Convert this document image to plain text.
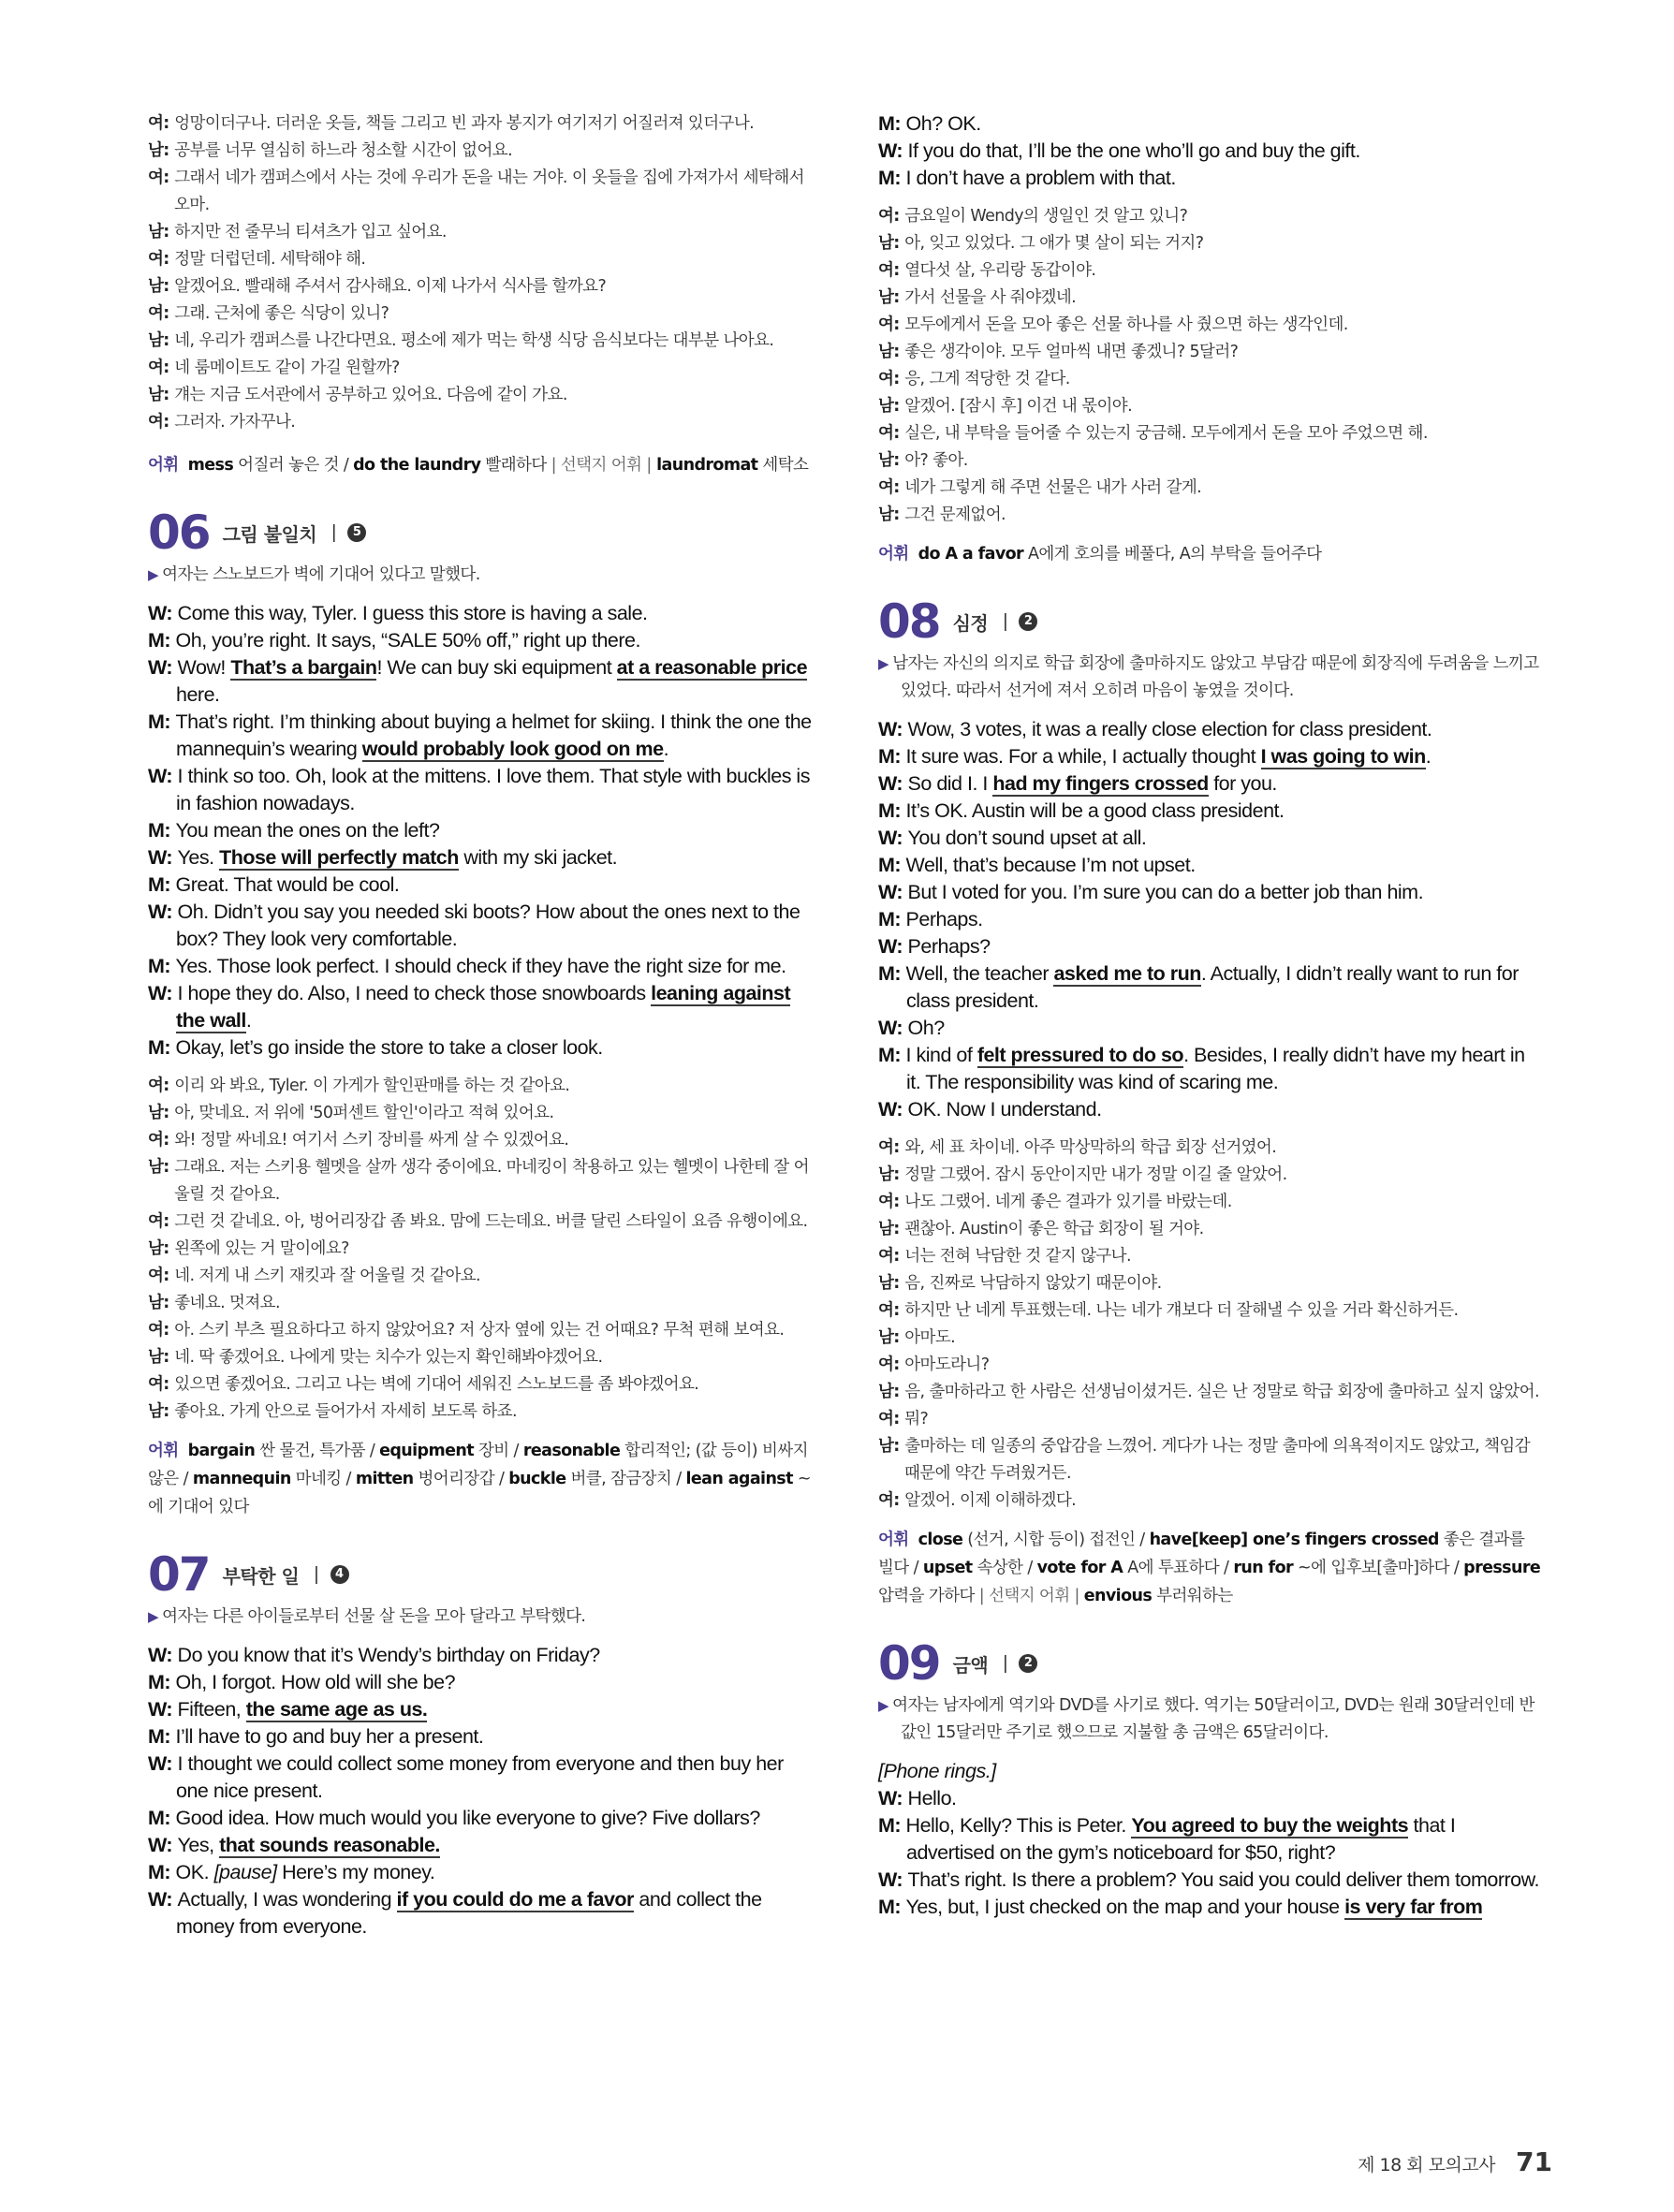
여: 엉망이더구나. 더러운 옷들, 책들 그리고 빈 과자 봉지가 여기저기 어질러져 있더구나.
남: 공부를 너무 열심히 하느라 청소할 시간이 없어요.
여: 그래서 네가 캠퍼스에서 사는 것에 우리가 돈을 내는 거야. 이 옷들을 집에 가져가서 세탁해서 오마.
남: 하지만 전 줄무늬 티셔츠가 입고 싶어요.
여: 정말 더럽던데. 세탁해야 해.
남: 알겠어요. 빨래해 주셔서 감사해요. 이제 나가서 식사를 할까요?
여: 그래. 근처에 좋은 식당이 있니?
남: 네, 우리가 캠퍼스를 나간다면요. 평소에 제가 먹는 학생 식당 음식보다는 대부분 나아요.
여: 네 룸메이트도 같이 가길 원할까?
남: 걔는 지금 도서관에서 공부하고 있어요. 다음에 같이 가요.
여: 그러자. 가자꾸나.
어휘 mess 어질러 놓은 것 / do the laundry 빨래하다 | 선택지 어휘 | laundromat 세탁소
06 그림 불일치 |	5
▶ 여자는 스노보드가 벽에 기대어 있다고 말했다.
W: Come this way, Tyler. I guess this store is having a sale.
M: Oh, you’re right. It says, “SALE 50% off,” right up there.
W: Wow! That’s a bargain! We can buy ski equipment at a reasonable price here.
M: That’s right. I’m thinking about buying a helmet for skiing. I think the one the mannequin’s wearing would probably look good on me.
W: I think so too. Oh, look at the mittens. I love them. That style with buckles is in fashion nowadays.
M: You mean the ones on the left?
W: Yes. Those will perfectly match with my ski jacket.
M: Great. That would be cool.
W: Oh. Didn’t you say you needed ski boots? How about the ones next to the box? They look very comfortable.
M: Yes. Those look perfect. I should check if they have the right size for me.
W: I hope they do. Also, I need to check those snowboards leaning against the wall.
M: Okay, let’s go inside the store to take a closer look.
여: 이리 와 봐요, Tyler. 이 가게가 할인판매를 하는 것 같아요.
남: 아, 맞네요. 저 위에 '50퍼센트 할인'이라고 적혀 있어요.
여: 와! 정말 싸네요! 여기서 스키 장비를 싸게 살 수 있겠어요.
남: 그래요. 저는 스키용 헬멧을 살까 생각 중이에요. 마네킹이 착용하고 있는 헬멧이 나한테 잘 어울릴 것 같아요.
여: 그런 것 같네요. 아, 벙어리장갑 좀 봐요. 맘에 드는데요. 버클 달린 스타일이 요즘 유행이에요.
남: 왼쪽에 있는 거 말이에요?
여: 네. 저게 내 스키 재킷과 잘 어울릴 것 같아요.
남: 좋네요. 멋져요.
여: 아. 스키 부츠 필요하다고 하지 않았어요? 저 상자 옆에 있는 건 어때요? 무척 편해 보여요.
남: 네. 딱 좋겠어요. 나에게 맞는 치수가 있는지 확인해봐야겠어요.
여: 있으면 좋겠어요. 그리고 나는 벽에 기대어 세워진 스노보드를 좀 봐야겠어요.
남: 좋아요. 가게 안으로 들어가서 자세히 보도록 하죠.
어휘 bargain 싼 물건, 특가품 / equipment 장비 / reasonable 합리적인; (값 등이) 비싸지 않은 / mannequin 마네킹 / mitten 벙어리장갑 / buckle 버클, 잠금장치 / lean against ~에 기대어 있다
07 부탁한 일 |	4
▶ 여자는 다른 아이들로부터 선물 살 돈을 모아 달라고 부탁했다.
W: Do you know that it’s Wendy’s birthday on Friday?
M: Oh, I forgot. How old will she be?
W: Fifteen, the same age as us.
M: I’ll have to go and buy her a present.
W: I thought we could collect some money from everyone and then buy her one nice present.
M: Good idea. How much would you like everyone to give? Five dollars?
W: Yes, that sounds reasonable.
M: OK. [pause] Here’s my money.
W: Actually, I was wondering if you could do me a favor and collect the money from everyone.
M: Oh? OK.
W: If you do that, I’ll be the one who’ll go and buy the gift.
M: I don’t have a problem with that.
여: 금요일이 Wendy의 생일인 것 알고 있니?
남: 아, 잊고 있었다. 그 애가 몇 살이 되는 거지?
여: 열다섯 살, 우리랑 동갑이야.
남: 가서 선물을 사 줘야겠네.
여: 모두에게서 돈을 모아 좋은 선물 하나를 사 줬으면 하는 생각인데.
남: 좋은 생각이야. 모두 얼마씩 내면 좋겠니? 5달러?
여: 응, 그게 적당한 것 같다.
남: 알겠어. [잠시 후] 이건 내 몫이야.
여: 실은, 내 부탁을 들어줄 수 있는지 궁금해. 모두에게서 돈을 모아 주었으면 해.
남: 아? 좋아.
여: 네가 그렇게 해 주면 선물은 내가 사러 갈게.
남: 그건 문제없어.
어휘 do A a favor A에게 호의를 베풀다, A의 부탁을 들어주다
08 심정 |	2
▶ 남자는 자신의 의지로 학급 회장에 출마하지도 않았고 부담감 때문에 회장직에 두려움을 느끼고 있었다. 따라서 선거에 져서 오히려 마음이 놓였을 것이다.
W: Wow, 3 votes, it was a really close election for class president.
M: It sure was. For a while, I actually thought I was going to win.
W: So did I. I had my fingers crossed for you.
M: It’s OK. Austin will be a good class president.
W: You don’t sound upset at all.
M: Well, that’s because I’m not upset.
W: But I voted for you. I’m sure you can do a better job than him.
M: Perhaps.
W: Perhaps?
M: Well, the teacher asked me to run. Actually, I didn’t really want to run for class president.
W: Oh?
M: I kind of felt pressured to do so. Besides, I really didn’t have my heart in it. The responsibility was kind of scaring me.
W: OK. Now I understand.
여: 와, 세 표 차이네. 아주 막상막하의 학급 회장 선거였어.
남: 정말 그랬어. 잠시 동안이지만 내가 정말 이길 줄 알았어.
여: 나도 그랬어. 네게 좋은 결과가 있기를 바랐는데.
남: 괜찮아. Austin이 좋은 학급 회장이 될 거야.
여: 너는 전혀 낙담한 것 같지 않구나.
남: 음, 진짜로 낙담하지 않았기 때문이야.
여: 하지만 난 네게 투표했는데. 나는 네가 걔보다 더 잘해낼 수 있을 거라 확신하거든.
남: 아마도.
여: 아마도라니?
남: 음, 출마하라고 한 사람은 선생님이셨거든. 실은 난 정말로 학급 회장에 출마하고 싶지 않았어.
여: 뭐?
남: 출마하는 데 일종의 중압감을 느꼈어. 게다가 나는 정말 출마에 의욕적이지도 않았고, 책임감 때문에 약간 두려웠거든.
여: 알겠어. 이제 이해하겠다.
어휘 close (선거, 시합 등이) 접전인 / have[keep] one’s fingers crossed 좋은 결과를 빌다 / upset 속상한 / vote for A A에 투표하다 / run for ~에 입후보[출마]하다 / pressure 압력을 가하다 | 선택지 어휘 | envious 부러워하는
09 금액 |	2
▶ 여자는 남자에게 역기와 DVD를 사기로 했다. 역기는 50달러이고, DVD는 원래 30달러인데 반값인 15달러만 주기로 했으므로 지불할 총 금액은 65달러이다.
[Phone rings.]
W: Hello.
M: Hello, Kelly? This is Peter. You agreed to buy the weights that I advertised on the gym’s noticeboard for $50, right?
W: That’s right. Is there a problem? You said you could deliver them tomorrow.
M: Yes, but, I just checked on the map and your house is very far from
제 18 회 모의고사 71
